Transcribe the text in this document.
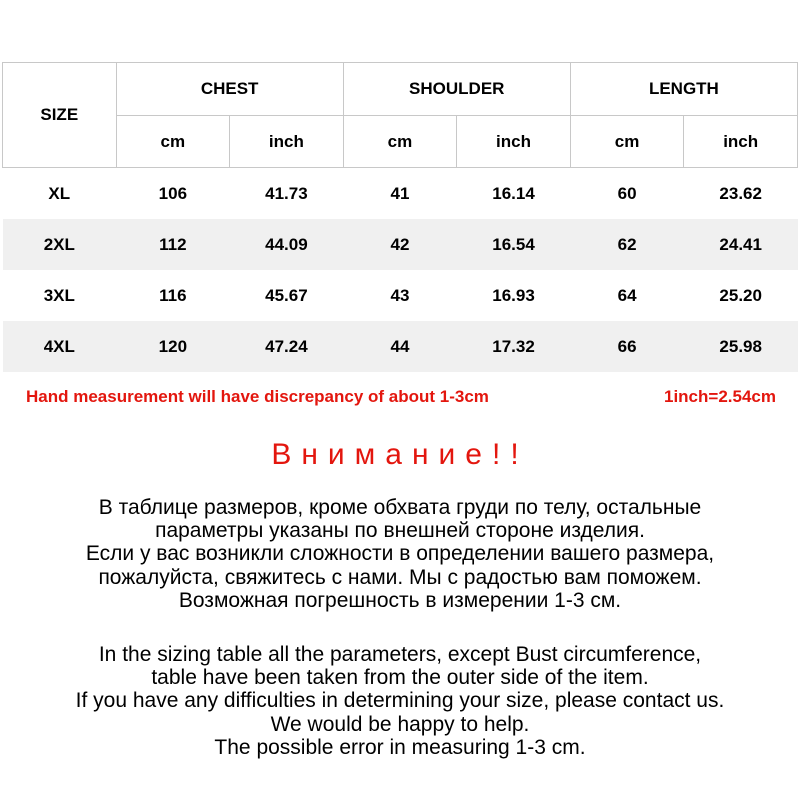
SIZE	CHEST		SHOULDER		LENGTH	
	cm	inch	cm	inch	cm	inch
XL	106	41.73	41	16.14	60	23.62
2XL	112	44.09	42	16.54	62	24.41
3XL	116	45.67	43	16.93	64	25.20
4XL	120	47.24	44	17.32	66	25.98
Hand measurement will have discrepancy of about 1-3cm	1inch=2.54cm
Внимание!!

В таблице размеров, кроме обхвата груди по телу, остальные
параметры указаны по внешней стороне изделия.
Если у вас возникли сложности в определении вашего размера,
пожалуйста, свяжитесь с нами. Мы с радостью вам поможем.
Возможная погрешность в измерении 1-3 см.

In the sizing table all the parameters, except Bust circumference,
table have been taken from the outer side of the item.
If you have any difficulties in determining your size, please contact us.
We would be happy to help.
The possible error in measuring 1-3 cm.
